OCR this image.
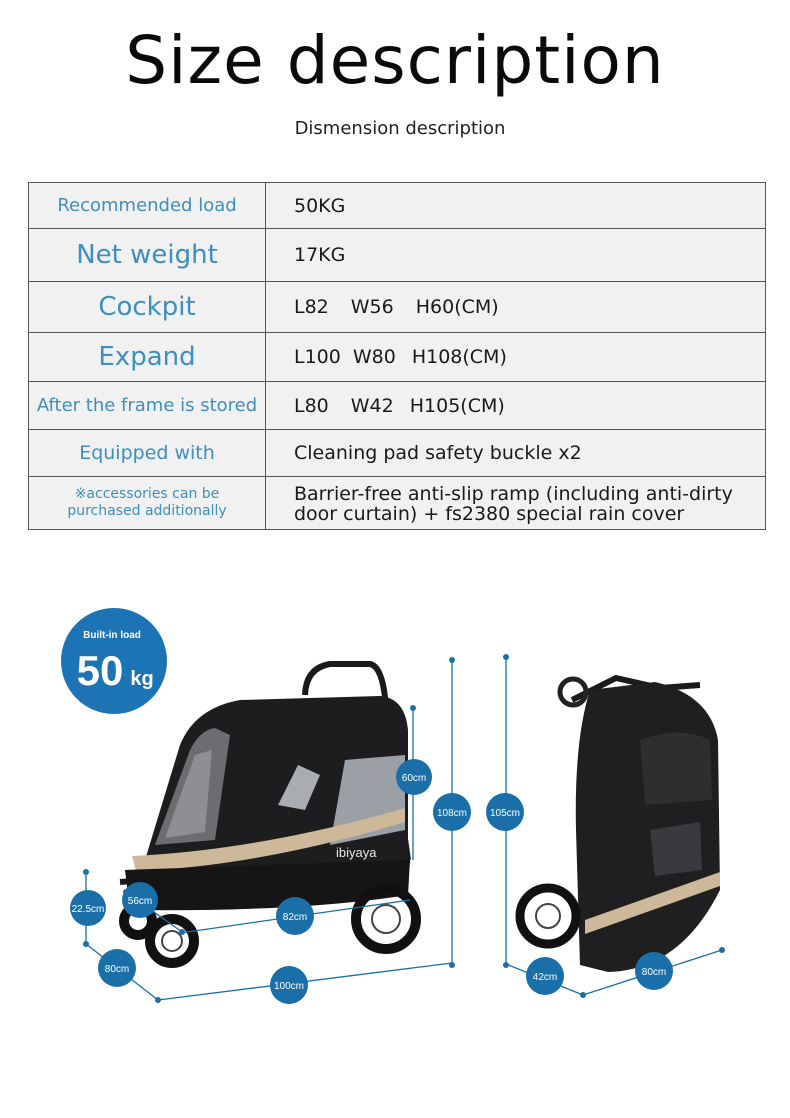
Size description
Dismension description
Recommended load	50KG
Net weight	17KG
Cockpit	L82 W56 H60(CM)
Expand	L100 W80 H108(CM)
After the frame is stored	L80 W42 H105(CM)
Equipped with	Cleaning pad safety buckle x2
※accessories can be purchased additionally	Barrier-free anti-slip ramp (including anti-dirty door curtain) + fs2380 special rain cover
Built-in load
50 kg
ibiyaya
60cm
108cm 105cm
22.5cm
56cm
82cm
80cm
100cm
42cm	80cm
